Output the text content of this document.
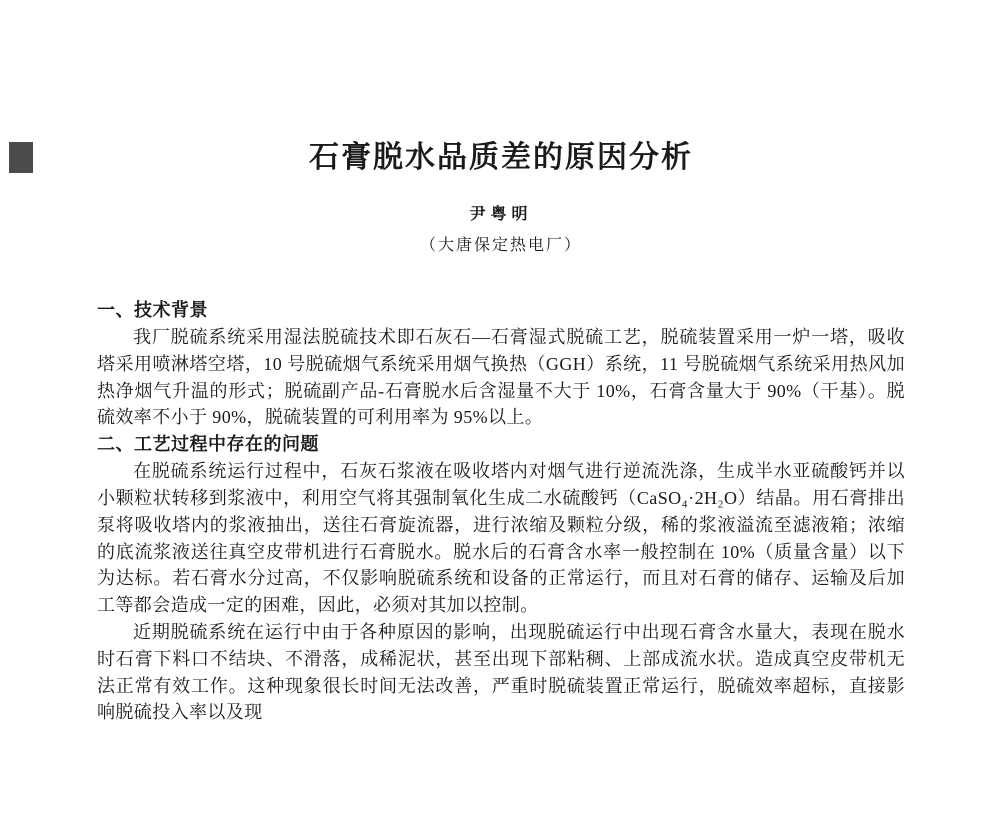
石膏脱水品质差的原因分析
尹粤明
（大唐保定热电厂）
一、技术背景

我厂脱硫系统采用湿法脱硫技术即石灰石—石膏湿式脱硫工艺，脱硫装置采用一炉一塔，吸收塔采用喷淋塔空塔，10 号脱硫烟气系统采用烟气换热（GGH）系统，11 号脱硫烟气系统采用热风加热净烟气升温的形式；脱硫副产品-石膏脱水后含湿量不大于 10%，石膏含量大于 90%（干基）。脱硫效率不小于 90%，脱硫装置的可利用率为 95%以上。

二、工艺过程中存在的问题

在脱硫系统运行过程中，石灰石浆液在吸收塔内对烟气进行逆流洗涤，生成半水亚硫酸钙并以小颗粒状转移到浆液中，利用空气将其强制氧化生成二水硫酸钙（CaSO₄·2H₂O）结晶。用石膏排出泵将吸收塔内的浆液抽出，送往石膏旋流器，进行浓缩及颗粒分级，稀的浆液溢流至滤液箱；浓缩的底流浆液送往真空皮带机进行石膏脱水。脱水后的石膏含水率一般控制在 10%（质量含量）以下为达标。若石膏水分过高，不仅影响脱硫系统和设备的正常运行，而且对石膏的储存、运输及后加工等都会造成一定的困难，因此，必须对其加以控制。

近期脱硫系统在运行中由于各种原因的影响，出现脱硫运行中出现石膏含水量大，表现在脱水时石膏下料口不结块、不滑落，成稀泥状，甚至出现下部粘稠、上部成流水状。造成真空皮带机无法正常有效工作。这种现象很长时间无法改善，严重时脱硫装置正常运行，脱硫效率超标，直接影响脱硫投入率以及现
